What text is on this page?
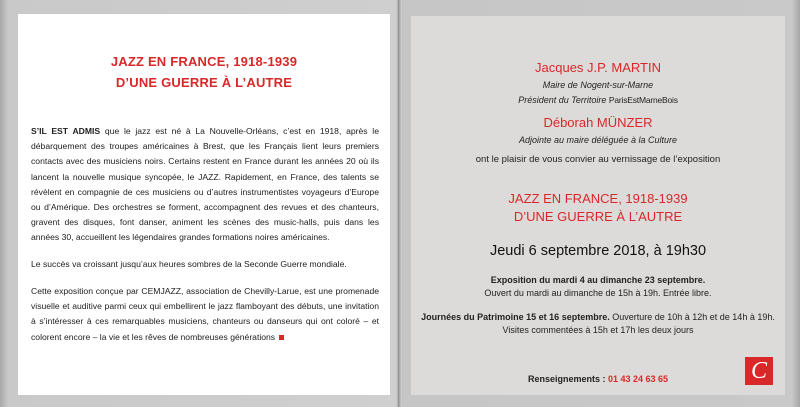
JAZZ EN FRANCE, 1918-1939
D’UNE GUERRE À L’AUTRE
S’IL EST ADMIS que le jazz est né à La Nouvelle-Orléans, c’est en 1918, après le débarquement des troupes américaines à Brest, que les Français lient leurs premiers contacts avec des musiciens noirs. Certains restent en France durant les années 20 où ils lancent la nouvelle musique syncopée, le JAZZ. Rapidement, en France, des talents se révèlent en compagnie de ces musiciens ou d’autres instrumentistes voyageurs d’Europe ou d’Amérique. Des orchestres se forment, accompagnent des revues et des chanteurs, gravent des disques, font danser, animent les scènes des music-halls, puis dans les années 30, accueillent les légendaires grandes formations noires américaines.
Le succès va croissant jusqu’aux heures sombres de la Seconde Guerre mondiale.
Cette exposition conçue par CEMJAZZ, association de Chevilly-Larue, est une promenade visuelle et auditive parmi ceux qui embellirent le jazz flamboyant des débuts, une invitation à s’intéresser à ces remarquables musiciens, chanteurs ou danseurs qui ont coloré – et colorent encore – la vie et les rêves de nombreuses générations
Jacques J.P. MARTIN
Maire de Nogent-sur-Marne
Président du Territoire ParisEstMarneBois
Déborah MÜNZER
Adjointe au maire déléguée à la Culture
ont le plaisir de vous convier au vernissage de l’exposition
JAZZ EN FRANCE, 1918-1939
D’UNE GUERRE À L’AUTRE
Jeudi 6 septembre 2018, à 19h30
Exposition du mardi 4 au dimanche 23 septembre.
Ouvert du mardi au dimanche de 15h à 19h. Entrée libre.
Journées du Patrimoine 15 et 16 septembre. Ouverture de 10h à 12h et de 14h à 19h.
Visites commentées à 15h et 17h les deux jours
Renseignements : 01 43 24 63 65	C
